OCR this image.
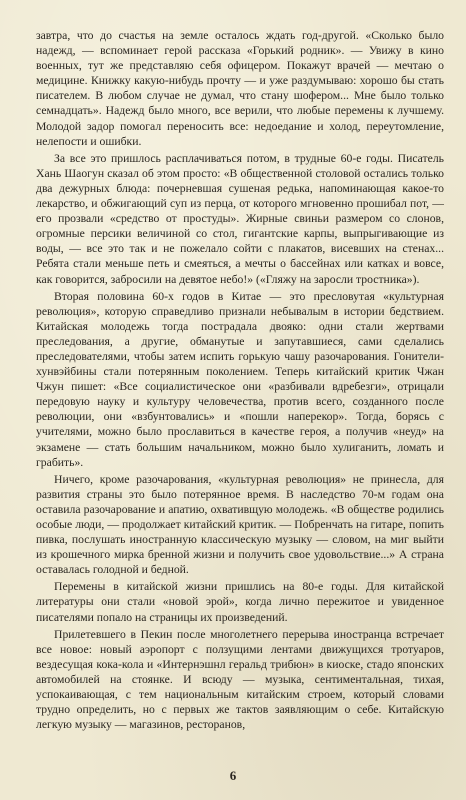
завтра, что до счастья на земле осталось ждать год-другой. «Сколько было надежд, — вспоминает герой рассказа «Горький родник». — Увижу в кино военных, тут же представляю себя офицером. Покажут врачей — мечтаю о медицине. Книжку какую-нибудь прочту — и уже раздумываю: хорошо бы стать писателем. В любом случае не думал, что стану шофером... Мне было только семнадцать». Надежд было много, все верили, что любые перемены к лучшему. Молодой задор помогал переносить все: недоедание и холод, переутомление, нелепости и ошибки.

За все это пришлось расплачиваться потом, в трудные 60-е годы. Писатель Хань Шаогун сказал об этом просто: «В общественной столовой остались только два дежурных блюда: почерневшая сушеная редька, напоминающая какое-то лекарство, и обжигающий суп из перца, от которого мгновенно прошибал пот, — его прозвали «средство от простуды». Жирные свиньи размером со слонов, огромные персики величиной со стол, гигантские карпы, выпрыгивающие из воды, — все это так и не пожелало сойти с плакатов, висевших на стенах... Ребята стали меньше петь и смеяться, а мечты о бассейнах или катках и вовсе, как говорится, забросили на девятое небо!» («Гляжу на заросли тростника»).

Вторая половина 60-х годов в Китае — это пресловутая «культурная революция», которую справедливо признали небывалым в истории бедствием. Китайская молодежь тогда пострадала двояко: одни стали жертвами преследования, а другие, обманутые и запутавшиеся, сами сделались преследователями, чтобы затем испить горькую чашу разочарования. Гонители-хунвэйбины стали потерянным поколением. Теперь китайский критик Чжан Чжун пишет: «Все социалистическое они «разбивали вдребезги», отрицали передовую науку и культуру человечества, против всего, созданного после революции, они «взбунтовались» и «пошли наперекор». Тогда, борясь с учителями, можно было прославиться в качестве героя, а получив «неуд» на экзамене — стать большим начальником, можно было хулиганить, ломать и грабить».

Ничего, кроме разочарования, «культурная революция» не принесла, для развития страны это было потерянное время. В наследство 70-м годам она оставила разочарование и апатию, охвативщую молодежь. «В обществе родились особые люди, — продолжает китайский критик. — Побренчать на гитаре, попить пивка, послушать иностранную классическую музыку — словом, на миг выйти из крошечного мирка бренной жизни и получить свое удовольствие...» А страна оставалась голодной и бедной.

Перемены в китайской жизни пришлись на 80-е годы. Для китайской литературы они стали «новой эрой», когда лично пережитое и увиденное писателями попало на страницы их произведений.

Прилетевшего в Пекин после многолетнего перерыва иностранца встречает все новое: новый аэропорт с ползущими лентами движущихся тротуаров, вездесущая кока-кола и «Интернэшнл геральд трибюн» в киоске, стадо японских автомобилей на стоянке. И всюду — музыка, сентиментальная, тихая, успокаивающая, с тем национальным китайским строем, который словами трудно определить, но с первых же тактов заявляющим о себе. Китайскую легкую музыку — магазинов, ресторанов,

6
